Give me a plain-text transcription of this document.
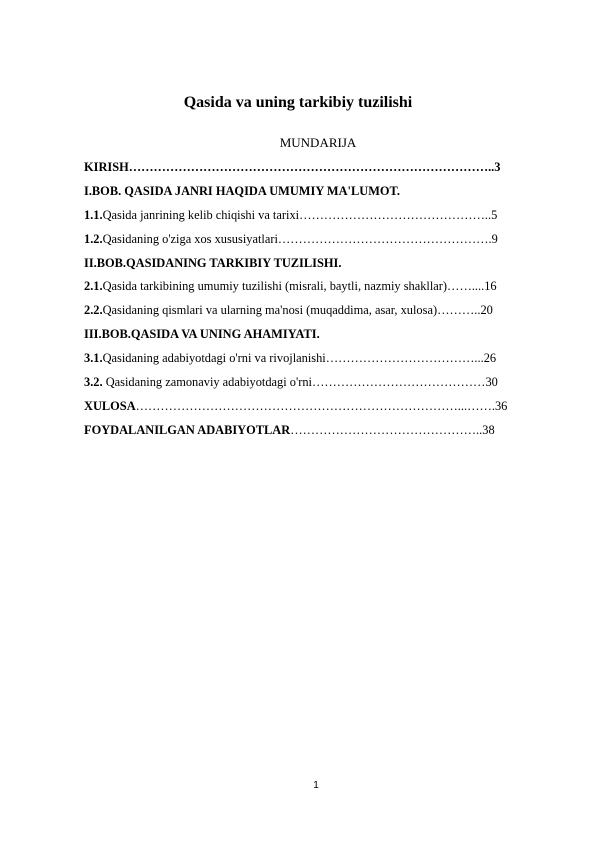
Qasida va uning tarkibiy tuzilishi
MUNDARIJA
KIRISH……………………………………………………………………………..3
I.BOB. QASIDA JANRI HAQIDA UMUMIY MA'LUMOT.
1.1.Qasida janrining kelib chiqishi va tarixi………………………………………..5
1.2.Qasidaning o'ziga xos xususiyatlari…………………………………………….9
II.BOB.QASIDANING TARKIBIY TUZILISHI.
2.1.Qasida tarkibining umumiy tuzilishi (misrali, baytli, nazmiy shakllar)……....16
2.2.Qasidaning qismlari va ularning ma'nosi (muqaddima, asar, xulosa)………..20
III.BOB.QASIDA VA UNING AHAMIYATI.
3.1.Qasidaning adabiyotdagi o'rni va rivojlanishi………………………………...26
3.2. Qasidaning zamonaviy adabiyotdagi o'rni……………………………………30
XULOSA……………………………………………………………………...…….36
FOYDALANILGAN ADABIYOTLAR………………………………………..38
1
